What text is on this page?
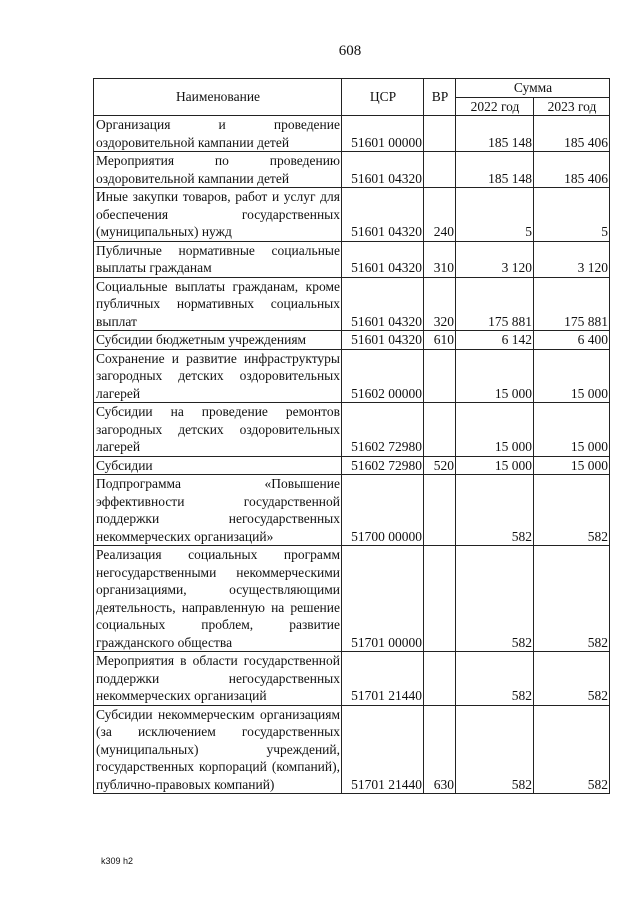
608
Наименование	ЦСР	ВР	Сумма	
			2022 год	2023 год
Организация и проведение оздоровительной кампании детей	51601 00000		185 148	185 406
Мероприятия по проведению оздоровительной кампании детей	51601 04320		185 148	185 406
Иные закупки товаров, работ и услуг для обеспечения государственных (муниципальных) нужд	51601 04320	240	5	5
Публичные нормативные социальные выплаты гражданам	51601 04320	310	3 120	3 120
Социальные выплаты гражданам, кроме публичных нормативных социальных выплат	51601 04320	320	175 881	175 881
Субсидии бюджетным учреждениям	51601 04320	610	6 142	6 400
Сохранение и развитие инфраструктуры загородных детских оздоровительных лагерей	51602 00000		15 000	15 000
Субсидии на проведение ремонтов загородных детских оздоровительных лагерей	51602 72980		15 000	15 000
Субсидии	51602 72980	520	15 000	15 000
Подпрограмма «Повышение эффективности государственной поддержки негосударственных некоммерческих организаций»	51700 00000		582	582
Реализация социальных программ негосударственными некоммерческими организациями, осуществляющими деятельность, направленную на решение социальных проблем, развитие гражданского общества	51701 00000		582	582
Мероприятия в области государственной поддержки негосударственных некоммерческих организаций	51701 21440		582	582
Субсидии некоммерческим организациям (за исключением государственных (муниципальных) учреждений, государственных корпораций (компаний), публично-правовых компаний)	51701 21440	630	582	582
k309 h2
